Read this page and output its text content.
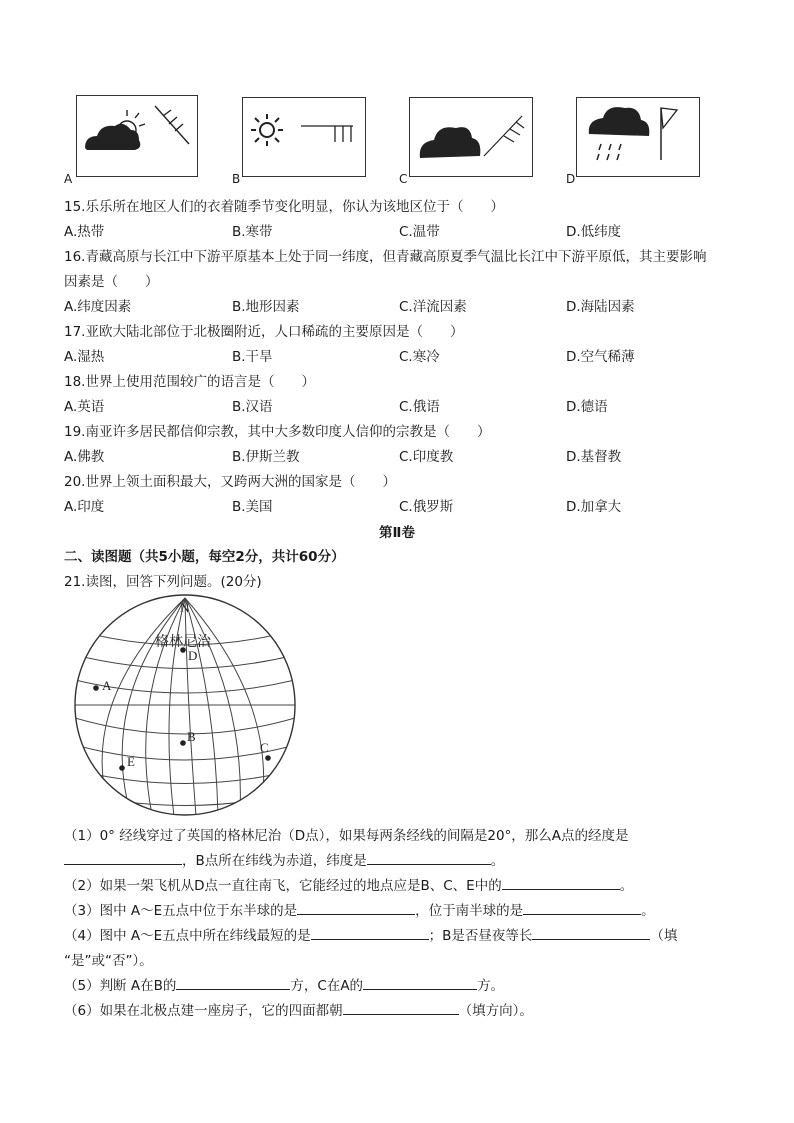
A	B	C	D
15.乐乐所在地区人们的衣着随季节变化明显，你认为该地区位于（　　）
A.热带	B.寒带	C.温带	D.低纬度
16.青藏高原与长江中下游平原基本上处于同一纬度，但青藏高原夏季气温比长江中下游平原低，其主要影响
因素是（　　）
A.纬度因素	B.地形因素	C.洋流因素	D.海陆因素
17.亚欧大陆北部位于北极圈附近，人口稀疏的主要原因是（　　）
A.湿热	B.干旱	C.寒冷	D.空气稀薄
18.世界上使用范围较广的语言是（　　）
A.英语	B.汉语	C.俄语	D.德语
19.南亚许多居民都信仰宗教，其中大多数印度人信仰的宗教是（　　）
A.佛教	B.伊斯兰教	C.印度教	D.基督教
20.世界上领土面积最大，又跨两大洲的国家是（　　）
A.印度	B.美国	C.俄罗斯	D.加拿大
第Ⅱ卷
二、读图题（共5小题，每空2分，共计60分）
21.读图，回答下列问题。(20分)
N
D
A
B
C
E
格林尼治
（1）0° 经线穿过了英国的格林尼治（D点），如果每两条经线的间隔是20°，那么A点的经度是
，B点所在纬线为赤道，纬度是	。
（2）如果一架飞机从D点一直往南飞，它能经过的地点应是B、C、E中的	。
（3）图中 A～E五点中位于东半球的是	，位于南半球的是	。
（4）图中 A～E五点中所在纬线最短的是	；B是否昼夜等长	（填
“是”或“否”）。
（5）判断 A在B的	方，C在A的	方。
（6）如果在北极点建一座房子，它的四面都朝	（填方向）。
